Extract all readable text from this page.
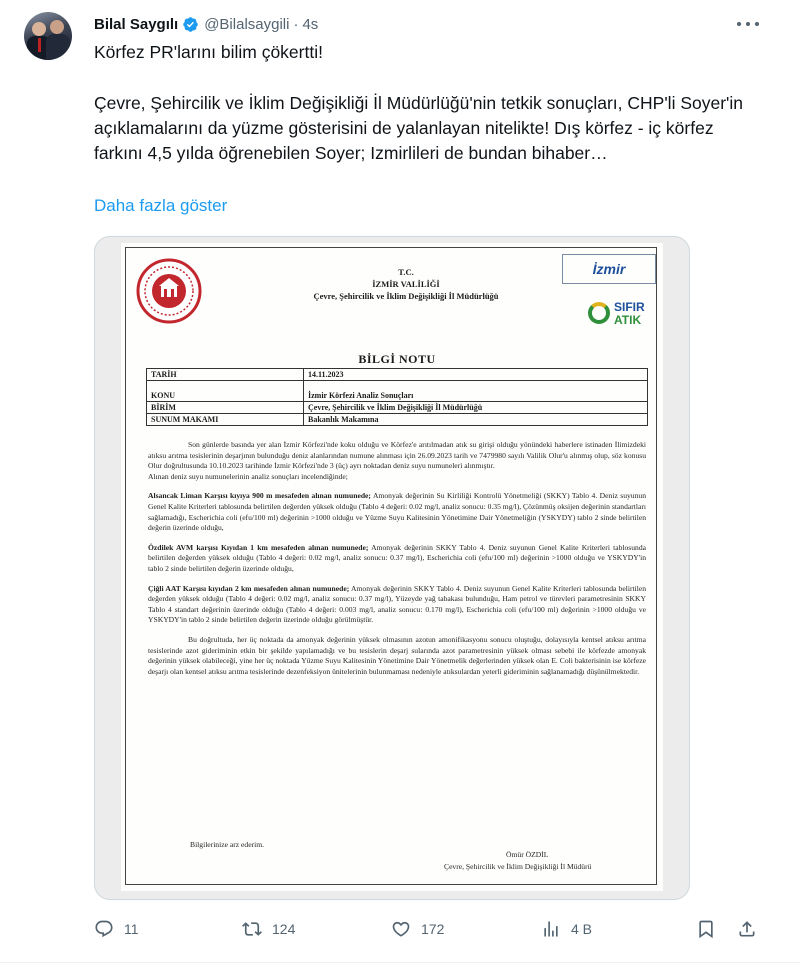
Bilal Saygılı @Bilalsaygili · 4s

Körfez PR'larını bilim çökertti!

Çevre, Şehircilik ve İklim Değişikliği İl Müdürlüğü'nin tetkik sonuçları, CHP'li Soyer'in açıklamalarını da yüzme gösterisini de yalanlayan nitelikte! Dış körfez - iç körfez farkını 4,5 yılda öğrenebilen Soyer; Izmirlileri de bundan bihaber…

Daha fazla göster
T.C.
İZMİR VALİLİĞİ
Çevre, Şehircilik ve İklim Değişikliği İl Müdürlüğü
İzmir
SIFIR
ATIK
BİLGİ NOTU
TARİH	14.11.2023
KONU	İzmir Körfezi Analiz Sonuçları
BİRİM	Çevre, Şehircilik ve İklim Değişikliği İl Müdürlüğü
SUNUM MAKAMI	Bakanlık Makamına

Son günlerde basında yer alan İzmir Körfezi'nde koku olduğu ve Körfez'e arıtılmadan atık su girişi olduğu yönündeki haberlere istinaden İlimizdeki atıksu arıtma tesislerinin deşarjının bulunduğu deniz alanlarından numune alınması için 26.09.2023 tarih ve 7479980 sayılı Valilik Olur'u alınmış olup, söz konusu Olur doğrultusunda 10.10.2023 tarihinde İzmir Körfezi'nde 3 (üç) ayrı noktadan deniz suyu numuneleri alınmıştır.
Alınan deniz suyu numunelerinin analiz sonuçları incelendiğinde;

Alsancak Liman Karşısı kıyıya 900 m mesafeden alınan numunede; Amonyak değerinin Su Kirliliği Kontrolü Yönetmeliği (SKKY) Tablo 4. Deniz suyunun Genel Kalite Kriterleri tablosunda belirtilen değerden yüksek olduğu (Tablo 4 değeri: 0.02 mg/l, analiz sonucu: 0.35 mg/l), Çözünmüş oksijen değerinin standartları sağlamadığı, Escherichia coli (efu/100 ml) değerinin >1000 olduğu ve Yüzme Suyu Kalitesinin Yönetimine Dair Yönetmeliğin (YSKYDY) tablo 2 sinde belirtilen değerin üzerinde olduğu,

Özdilek AVM karşısı Kıyıdan 1 km mesafeden alınan numunede; Amonyak değerinin SKKY Tablo 4. Deniz suyunun Genel Kalite Kriterleri tablosunda belirtilen değerden yüksek olduğu (Tablo 4 değeri: 0.02 mg/l, analiz sonucu: 0.37 mg/l), Escherichia coli (efu/100 ml) değerinin >1000 olduğu ve YSKYDY'in tablo 2 sinde belirtilen değerin üzerinde olduğu,

Çiğli AAT Karşısı kıyıdan 2 km mesafeden alınan numunede; Amonyak değerinin SKKY Tablo 4. Deniz suyunun Genel Kalite Kriterleri tablosunda belirtilen değerden yüksek olduğu (Tablo 4 değeri: 0.02 mg/l, analiz sonucu: 0.37 mg/l), Yüzeyde yağ tabakası bulunduğu, Ham petrol ve türevleri parametresinin SKKY Tablo 4 standart değerinin üzerinde olduğu (Tablo 4 değeri: 0.003 mg/l, analiz sonucu: 0.170 mg/l), Escherichia coli (efu/100 ml) değerinin >1000 olduğu ve YSKYDY'in tablo 2 sinde belirtilen değerin üzerinde olduğu görülmüştür.

Bu doğrultuda, her üç noktada da amonyak değerinin yüksek olmasının azotun amonifikasyonu sonucu oluştuğu, dolayısıyla kentsel atıksu arıtma tesislerinde azot gideriminin etkin bir şekilde yapılamadığı ve bu tesislerin deşarj sularında azot parametresinin yüksek olması sebebi ile körfezde amonyak değerinin yüksek olabileceği, yine her üç noktada Yüzme Suyu Kalitesinin Yönetimine Dair Yönetmelik değerlerinden yüksek olan E. Coli bakterisinin ise körfeze deşarjı olan kentsel atıksu arıtma tesislerinde dezenfeksiyon ünitelerinin bulunmaması nedeniyle atıksulardan yeterli gideriminin sağlanamadığı düşünülmektedir.

Bilgilerinize arz ederim.
Ömür ÖZDİL
Çevre, Şehircilik ve İklim Değişikliği İl Müdürü
11	124	172	4 B
